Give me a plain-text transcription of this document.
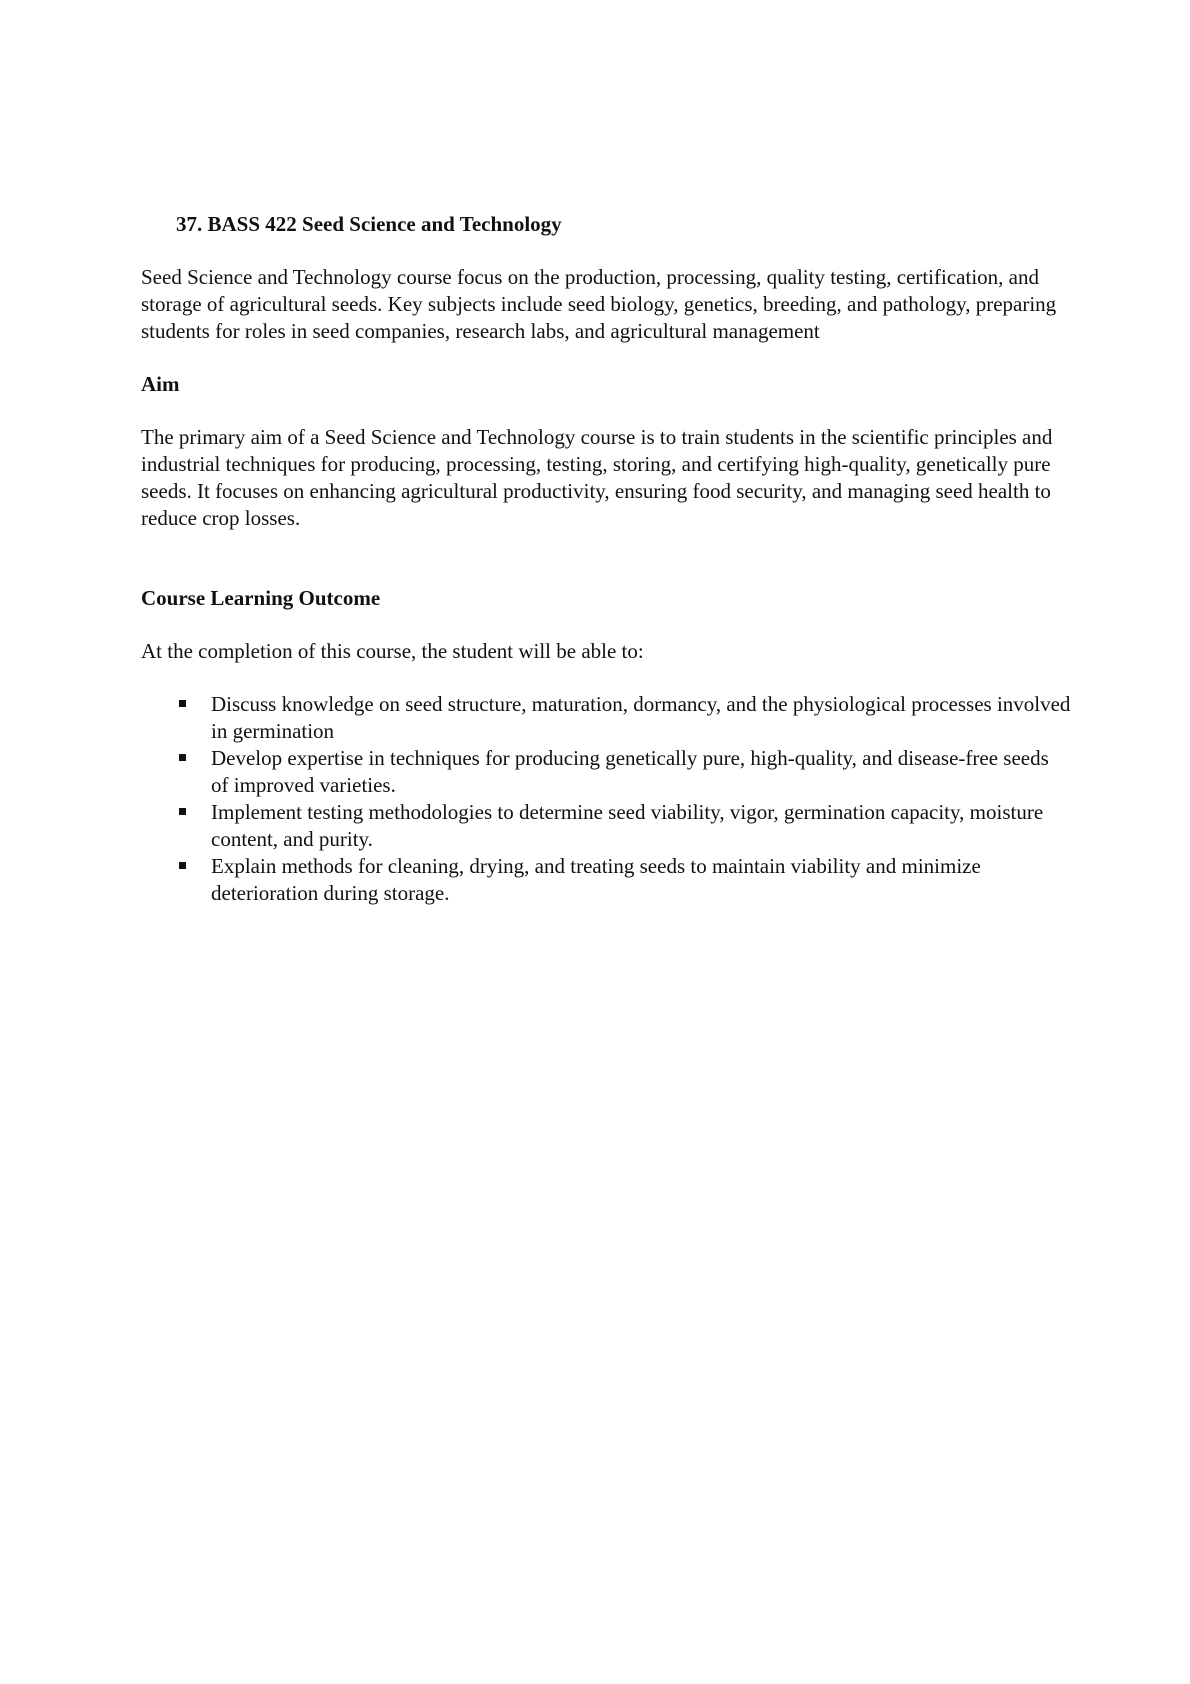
37. BASS 422 Seed Science and Technology

Seed Science and Technology course focus on the production, processing, quality testing, certification, and storage of agricultural seeds. Key subjects include seed biology, genetics, breeding, and pathology, preparing students for roles in seed companies, research labs, and agricultural management

Aim

The primary aim of a Seed Science and Technology course is to train students in the scientific principles and industrial techniques for producing, processing, testing, storing, and certifying high-quality, genetically pure seeds. It focuses on enhancing agricultural productivity, ensuring food security, and managing seed health to reduce crop losses.

Course Learning Outcome

At the completion of this course, the student will be able to:

Discuss knowledge on seed structure, maturation, dormancy, and the physiological processes involved in germination
Develop expertise in techniques for producing genetically pure, high-quality, and disease-free seeds of improved varieties.
Implement testing methodologies to determine seed viability, vigor, germination capacity, moisture content, and purity.
Explain methods for cleaning, drying, and treating seeds to maintain viability and minimize deterioration during storage.
